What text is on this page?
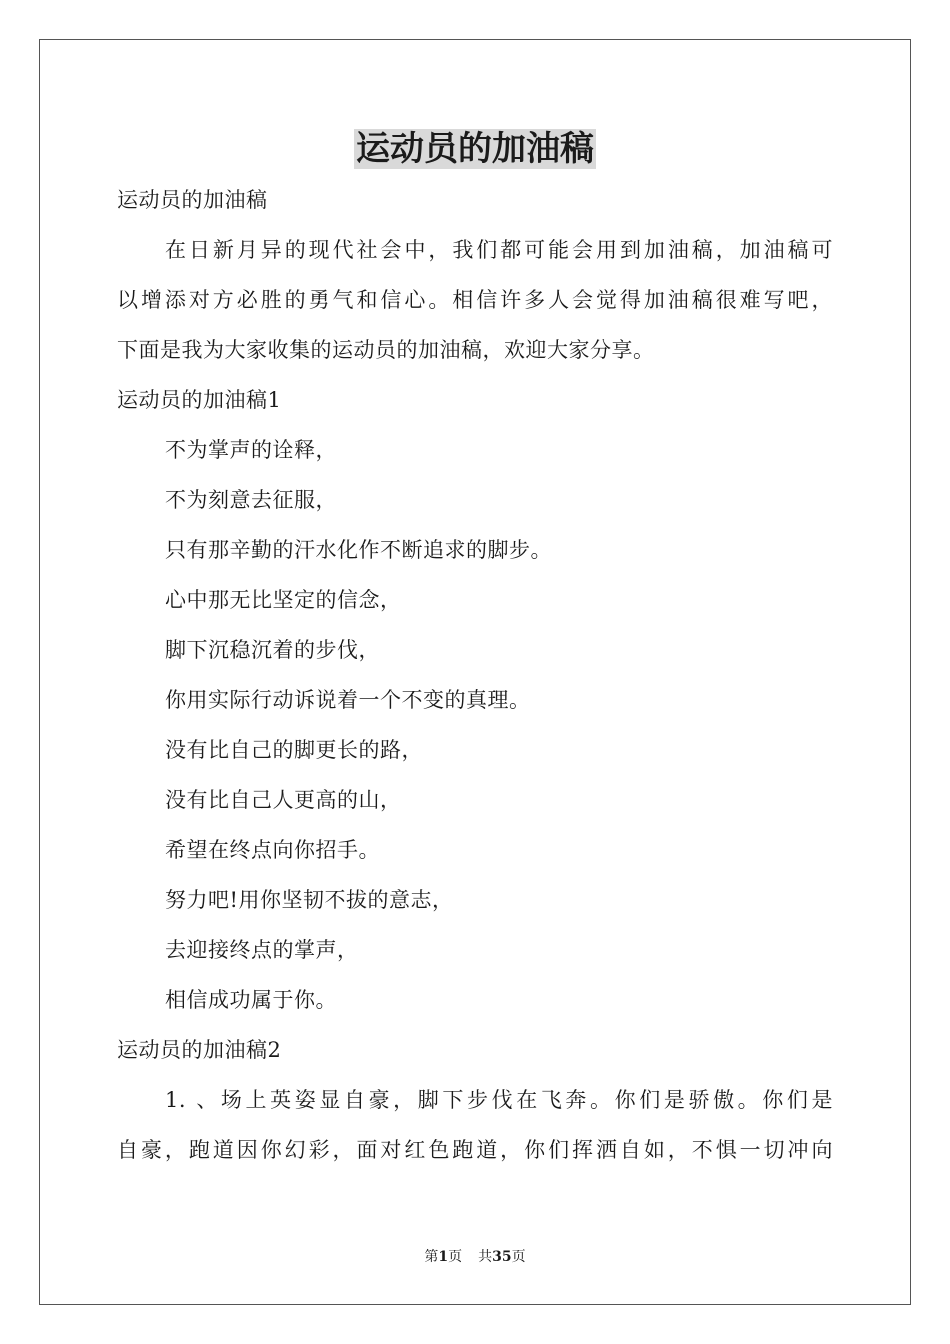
运动员的加油稿
运动员的加油稿
在日新月异的现代社会中，我们都可能会用到加油稿，加油稿可
以增添对方必胜的勇气和信心。相信许多人会觉得加油稿很难写吧，
下面是我为大家收集的运动员的加油稿，欢迎大家分享。
运动员的加油稿1
不为掌声的诠释，
不为刻意去征服，
只有那辛勤的汗水化作不断追求的脚步。
心中那无比坚定的信念，
脚下沉稳沉着的步伐，
你用实际行动诉说着一个不变的真理。
没有比自己的脚更长的路，
没有比自己人更高的山，
希望在终点向你招手。
努力吧!用你坚韧不拔的意志，
去迎接终点的掌声，
相信成功属于你。
运动员的加油稿2
1. 、场上英姿显自豪，脚下步伐在飞奔。你们是骄傲。你们是
自豪，跑道因你幻彩，面对红色跑道，你们挥洒自如，不惧一切冲向
第1页 共35页
